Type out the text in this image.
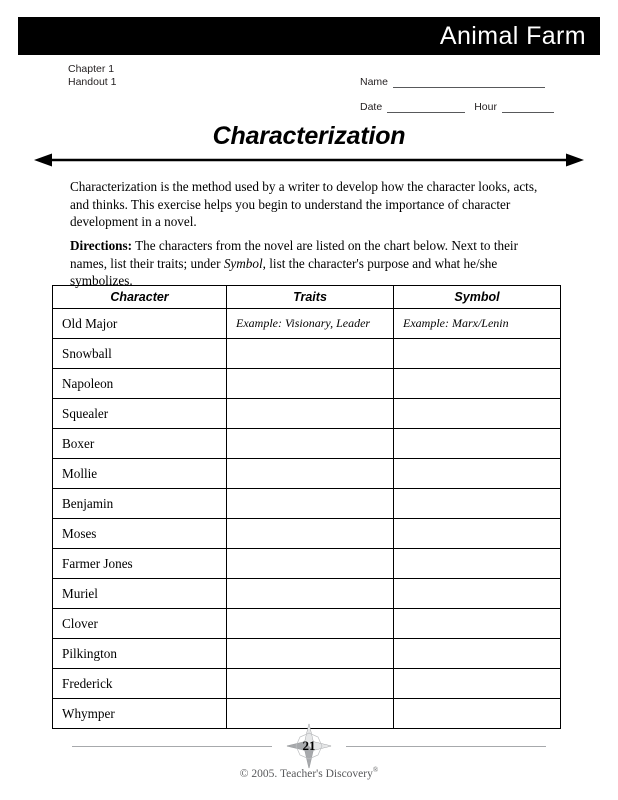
Animal Farm
Chapter 1
Handout 1	Name
Date	Hour
Characterization
Characterization is the method used by a writer to develop how the character looks, acts, and thinks. This exercise helps you begin to understand the importance of character development in a novel.
Directions: The characters from the novel are listed on the chart below. Next to their names, list their traits; under Symbol, list the character's purpose and what he/she symbolizes.
Character	Traits	Symbol
Old Major	Example: Visionary, Leader	Example: Marx/Lenin
Snowball		
Napoleon		
Squealer		
Boxer		
Mollie		
Benjamin		
Moses		
Farmer Jones		
Muriel		
Clover		
Pilkington		
Frederick		
Whymper		
21
© 2005. Teacher's Discovery®
